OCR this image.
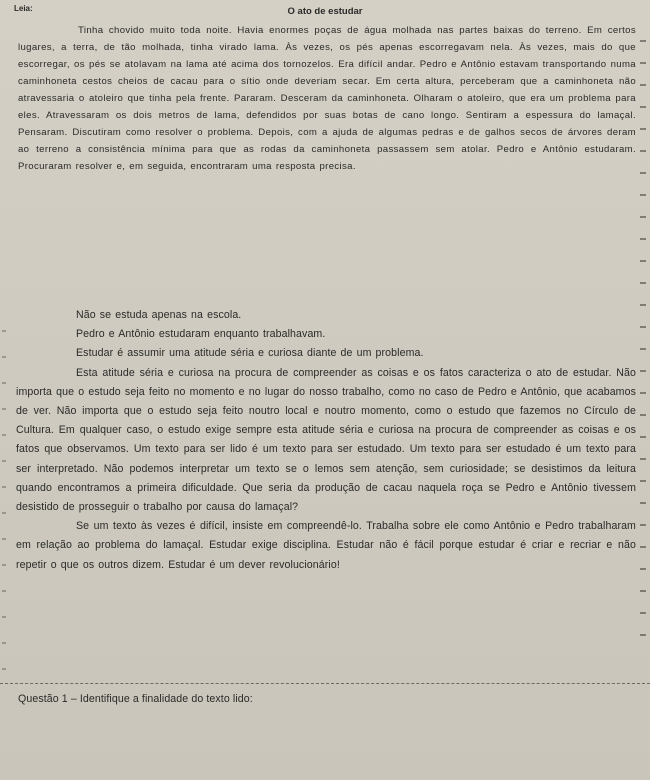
Leia:	O ato de estudar

Tinha chovido muito toda noite. Havia enormes poças de água molhada nas partes baixas do terreno. Em certos lugares, a terra, de tão molhada, tinha virado lama. Às vezes, os pés apenas escorregavam nela. Às vezes, mais do que escorregar, os pés se atolavam na lama até acima dos tornozelos. Era difícil andar. Pedro e Antônio estavam transportando numa caminhoneta cestos cheios de cacau para o sítio onde deveriam secar. Em certa altura, perceberam que a caminhoneta não atravessaria o atoleiro que tinha pela frente. Pararam. Desceram da caminhoneta. Olharam o atoleiro, que era um problema para eles. Atravessaram os dois metros de lama, defendidos por suas botas de cano longo. Sentiram a espessura do lamaçal. Pensaram. Discutiram como resolver o problema. Depois, com a ajuda de algumas pedras e de galhos secos de árvores deram ao terreno a consistência mínima para que as rodas da caminhoneta passassem sem atolar. Pedro e Antônio estudaram. Procuraram resolver e, em seguida, encontraram uma resposta precisa.

Não se estuda apenas na escola.

Pedro e Antônio estudaram enquanto trabalhavam.

Estudar é assumir uma atitude séria e curiosa diante de um problema.

Esta atitude séria e curiosa na procura de compreender as coisas e os fatos caracteriza o ato de estudar. Não importa que o estudo seja feito no momento e no lugar do nosso trabalho, como no caso de Pedro e Antônio, que acabamos de ver. Não importa que o estudo seja feito noutro local e noutro momento, como o estudo que fazemos no Círculo de Cultura. Em qualquer caso, o estudo exige sempre esta atitude séria e curiosa na procura de compreender as coisas e os fatos que observamos. Um texto para ser lido é um texto para ser estudado. Um texto para ser estudado é um texto para ser interpretado. Não podemos interpretar um texto se o lemos sem atenção, sem curiosidade; se desistimos da leitura quando encontramos a primeira dificuldade. Que seria da produção de cacau naquela roça se Pedro e Antônio tivessem desistido de prosseguir o trabalho por causa do lamaçal?

Se um texto às vezes é difícil, insiste em compreendê-lo. Trabalha sobre ele como Antônio e Pedro trabalharam em relação ao problema do lamaçal. Estudar exige disciplina. Estudar não é fácil porque estudar é criar e recriar e não repetir o que os outros dizem. Estudar é um dever revolucionário!

Questão 1 – Identifique a finalidade do texto lido:
